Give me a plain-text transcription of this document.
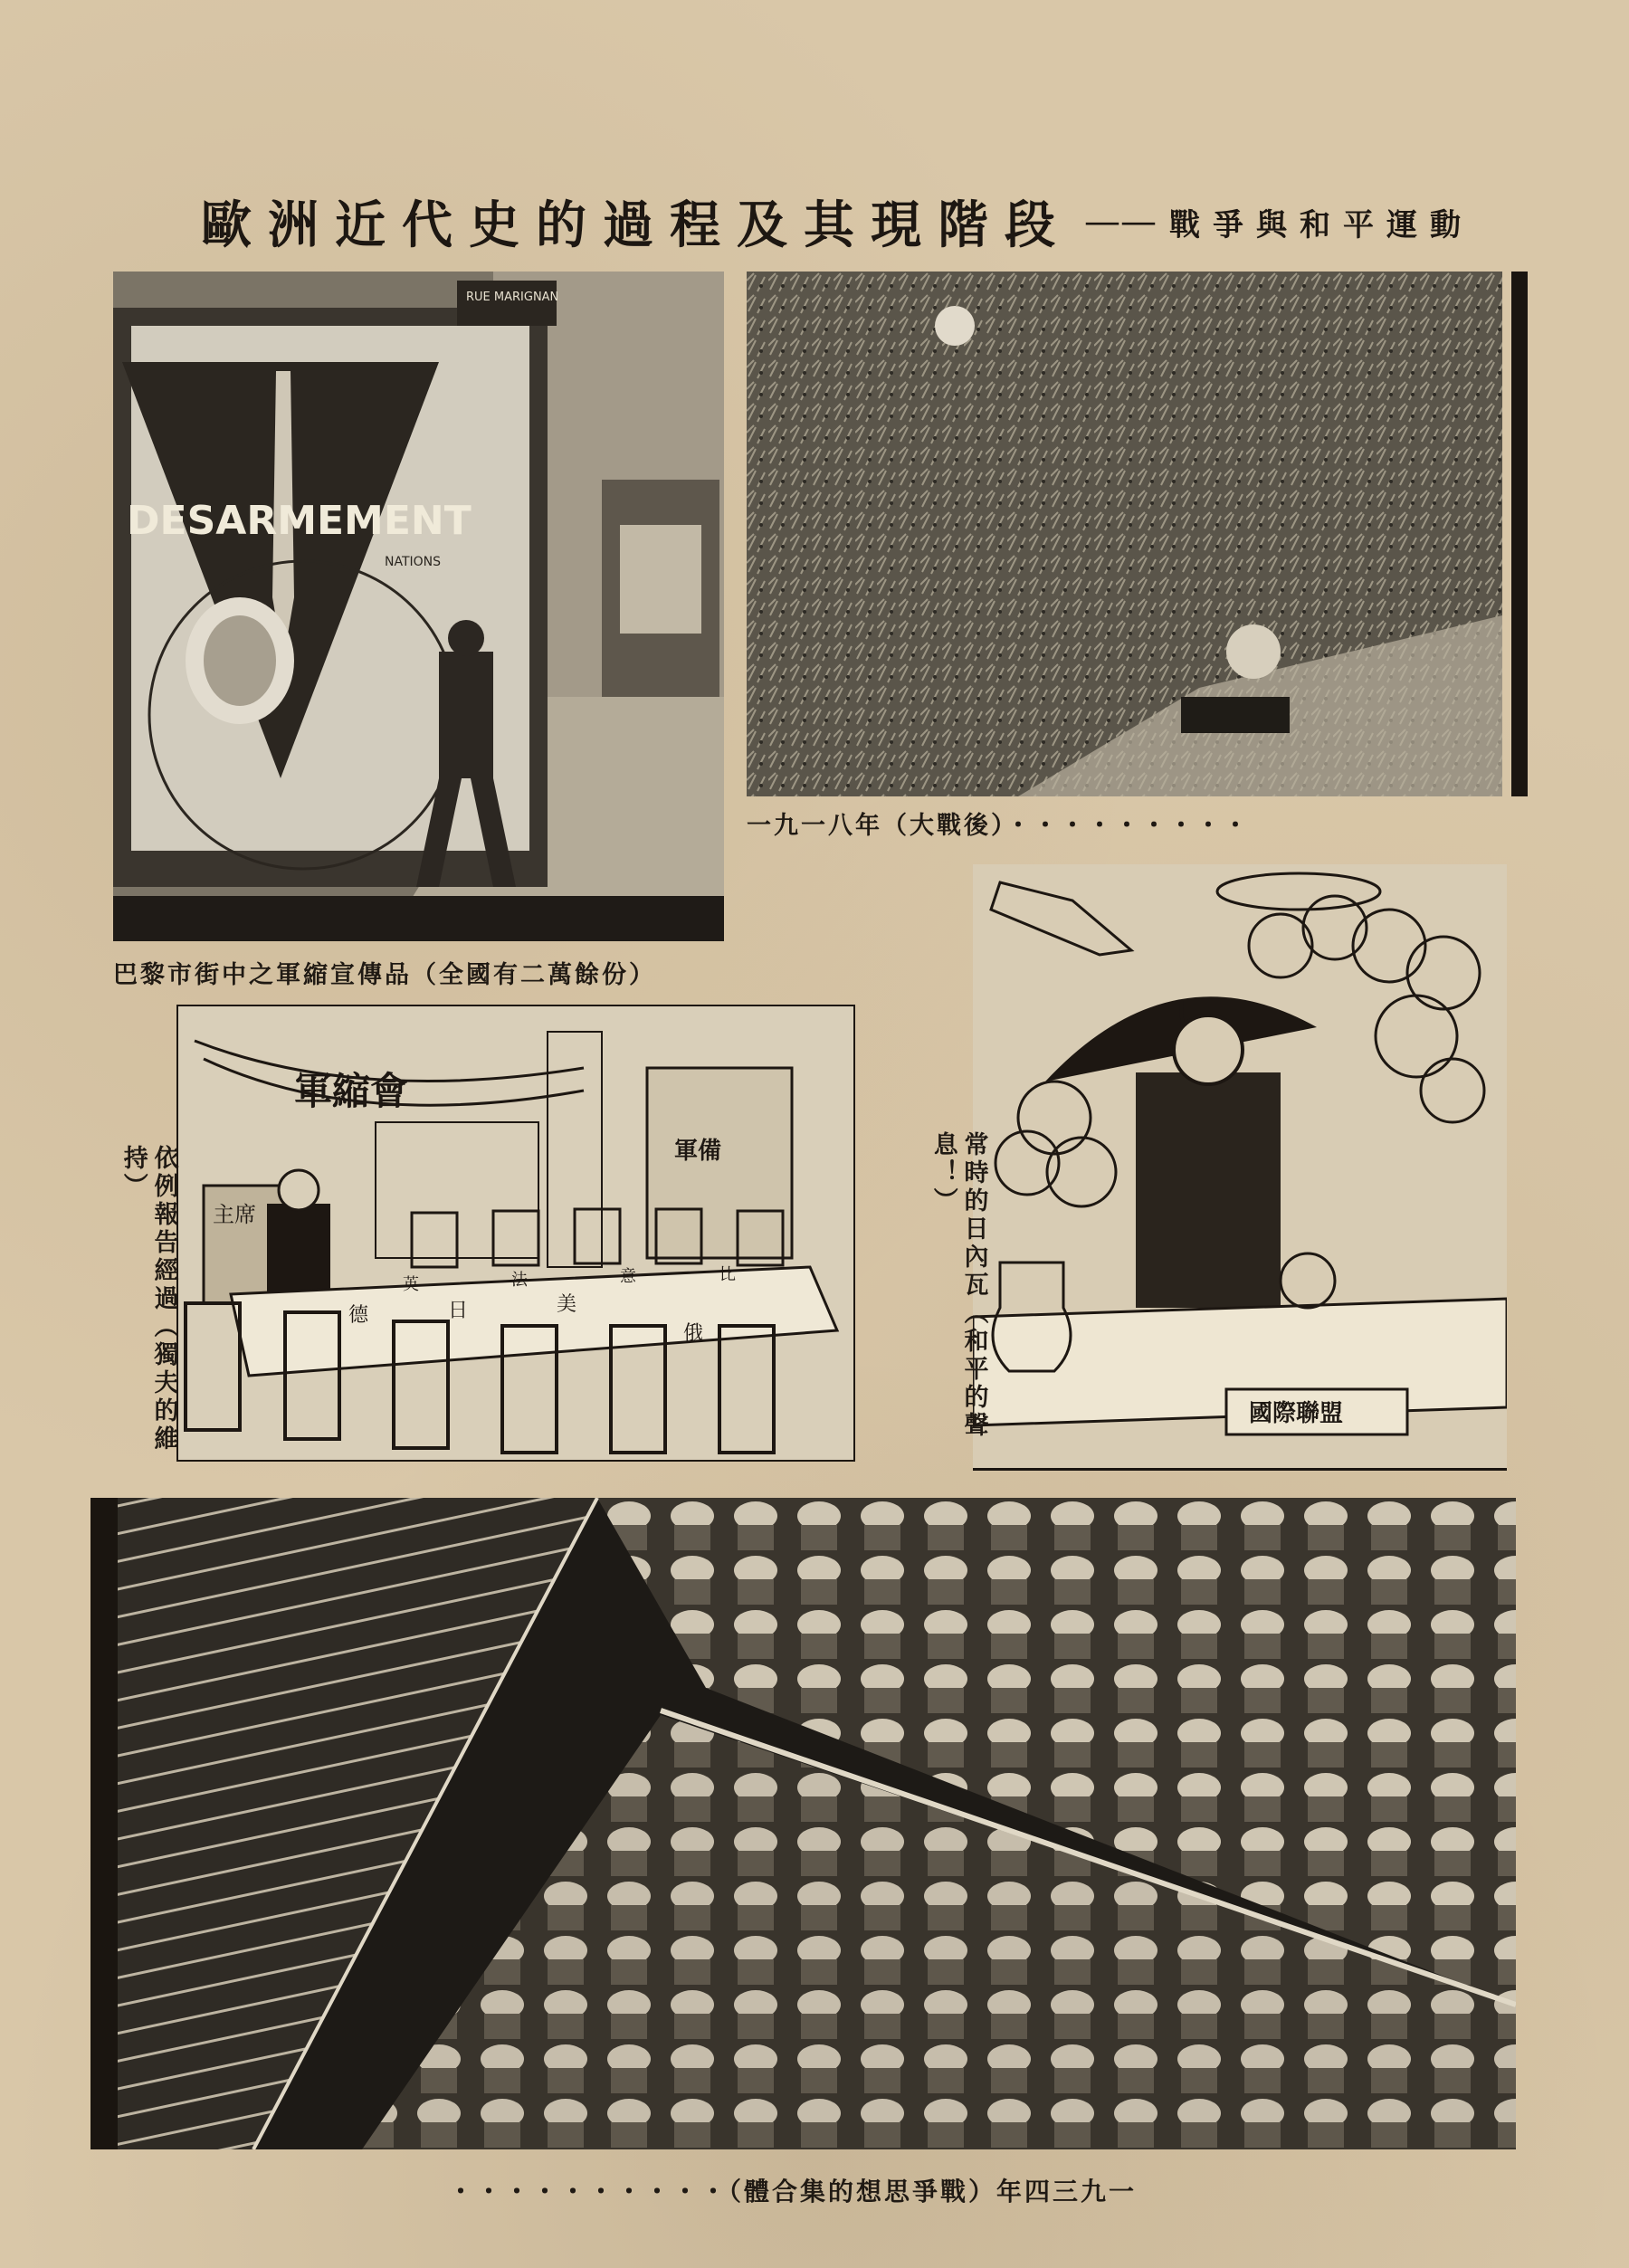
歐洲近代史的過程及其現階段 —— 戰爭與和平運動
DESARMEMENT
NATIONS
RUE MARIGNAN
巴黎市街中之軍縮宣傳品（全國有二萬餘份）
一九一八年（大戰後）・・・・・・・・・
軍縮會
軍備
主席
德	日	美
俄
英	法	意	比
依例報告經過（獨夫的維持）
國際聯盟
常時的日內瓦（和平的聲息！）
・・・・・・・・・・（體合集的想思爭戰）年四三九一
